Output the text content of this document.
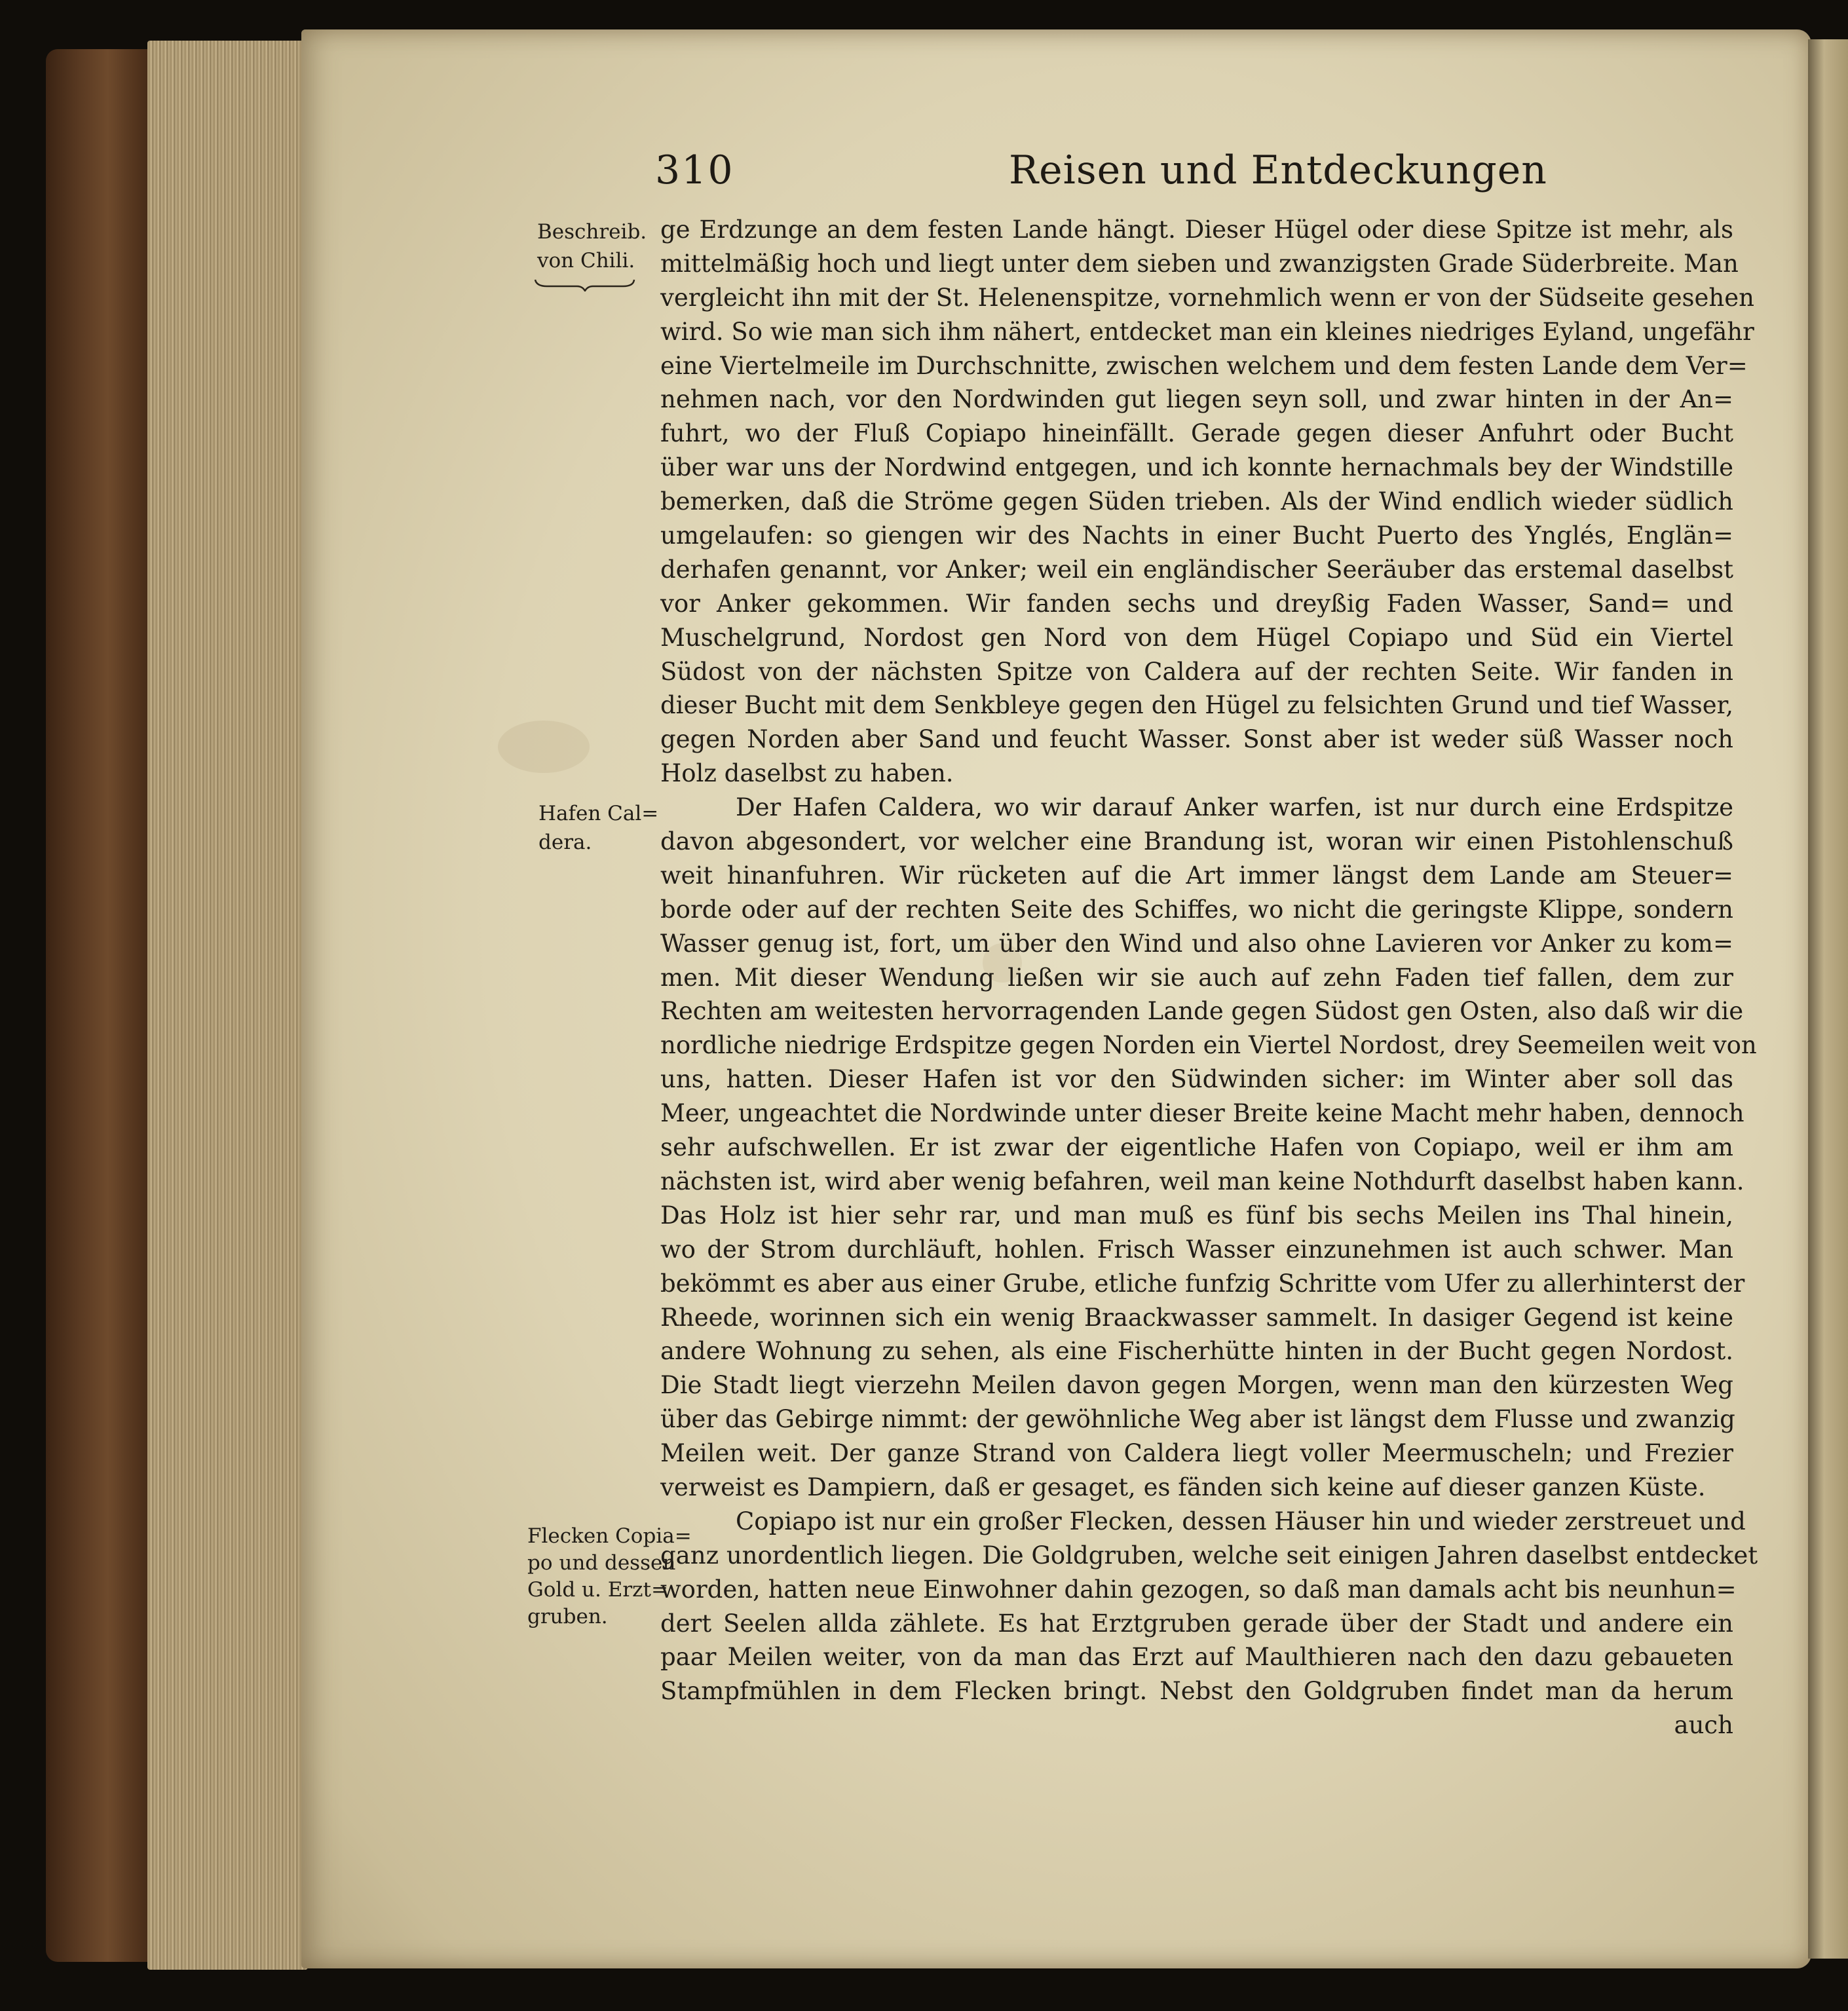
310	Reisen und Entdeckungen
Beschreib.
von Chili.
Hafen Cal=
dera.
Flecken Copia=
po und dessen
Gold u. Erzt=
gruben.
ge Erdzunge an dem festen Lande hängt. Dieser Hügel oder diese Spitze ist mehr, als
mittelmäßig hoch und liegt unter dem sieben und zwanzigsten Grade Süderbreite. Man
vergleicht ihn mit der St. Helenenspitze, vornehmlich wenn er von der Südseite gesehen
wird. So wie man sich ihm nähert, entdecket man ein kleines niedriges Eyland, ungefähr
eine Viertelmeile im Durchschnitte, zwischen welchem und dem festen Lande dem Ver=
nehmen nach, vor den Nordwinden gut liegen seyn soll, und zwar hinten in der An=
fuhrt, wo der Fluß Copiapo hineinfällt. Gerade gegen dieser Anfuhrt oder Bucht
über war uns der Nordwind entgegen, und ich konnte hernachmals bey der Windstille
bemerken, daß die Ströme gegen Süden trieben. Als der Wind endlich wieder südlich
umgelaufen: so giengen wir des Nachts in einer Bucht Puerto des Ynglés, Englän=
derhafen genannt, vor Anker; weil ein engländischer Seeräuber das erstemal daselbst
vor Anker gekommen. Wir fanden sechs und dreyßig Faden Wasser, Sand= und
Muschelgrund, Nordost gen Nord von dem Hügel Copiapo und Süd ein Viertel
Südost von der nächsten Spitze von Caldera auf der rechten Seite. Wir fanden in
dieser Bucht mit dem Senkbleye gegen den Hügel zu felsichten Grund und tief Wasser,
gegen Norden aber Sand und feucht Wasser. Sonst aber ist weder süß Wasser noch
Holz daselbst zu haben.
Der Hafen Caldera, wo wir darauf Anker warfen, ist nur durch eine Erdspitze
davon abgesondert, vor welcher eine Brandung ist, woran wir einen Pistohlenschuß
weit hinanfuhren. Wir rücketen auf die Art immer längst dem Lande am Steuer=
borde oder auf der rechten Seite des Schiffes, wo nicht die geringste Klippe, sondern
Wasser genug ist, fort, um über den Wind und also ohne Lavieren vor Anker zu kom=
men. Mit dieser Wendung ließen wir sie auch auf zehn Faden tief fallen, dem zur
Rechten am weitesten hervorragenden Lande gegen Südost gen Osten, also daß wir die
nordliche niedrige Erdspitze gegen Norden ein Viertel Nordost, drey Seemeilen weit von
uns, hatten. Dieser Hafen ist vor den Südwinden sicher: im Winter aber soll das
Meer, ungeachtet die Nordwinde unter dieser Breite keine Macht mehr haben, dennoch
sehr aufschwellen. Er ist zwar der eigentliche Hafen von Copiapo, weil er ihm am
nächsten ist, wird aber wenig befahren, weil man keine Nothdurft daselbst haben kann.
Das Holz ist hier sehr rar, und man muß es fünf bis sechs Meilen ins Thal hinein,
wo der Strom durchläuft, hohlen. Frisch Wasser einzunehmen ist auch schwer. Man
bekömmt es aber aus einer Grube, etliche funfzig Schritte vom Ufer zu allerhinterst der
Rheede, worinnen sich ein wenig Braackwasser sammelt. In dasiger Gegend ist keine
andere Wohnung zu sehen, als eine Fischerhütte hinten in der Bucht gegen Nordost.
Die Stadt liegt vierzehn Meilen davon gegen Morgen, wenn man den kürzesten Weg
über das Gebirge nimmt: der gewöhnliche Weg aber ist längst dem Flusse und zwanzig
Meilen weit. Der ganze Strand von Caldera liegt voller Meermuscheln; und Frezier
verweist es Dampiern, daß er gesaget, es fänden sich keine auf dieser ganzen Küste.
Copiapo ist nur ein großer Flecken, dessen Häuser hin und wieder zerstreuet und
ganz unordentlich liegen. Die Goldgruben, welche seit einigen Jahren daselbst entdecket
worden, hatten neue Einwohner dahin gezogen, so daß man damals acht bis neunhun=
dert Seelen allda zählete. Es hat Erztgruben gerade über der Stadt und andere ein
paar Meilen weiter, von da man das Erzt auf Maulthieren nach den dazu gebaueten
Stampfmühlen in dem Flecken bringt. Nebst den Goldgruben findet man da herum
auch
